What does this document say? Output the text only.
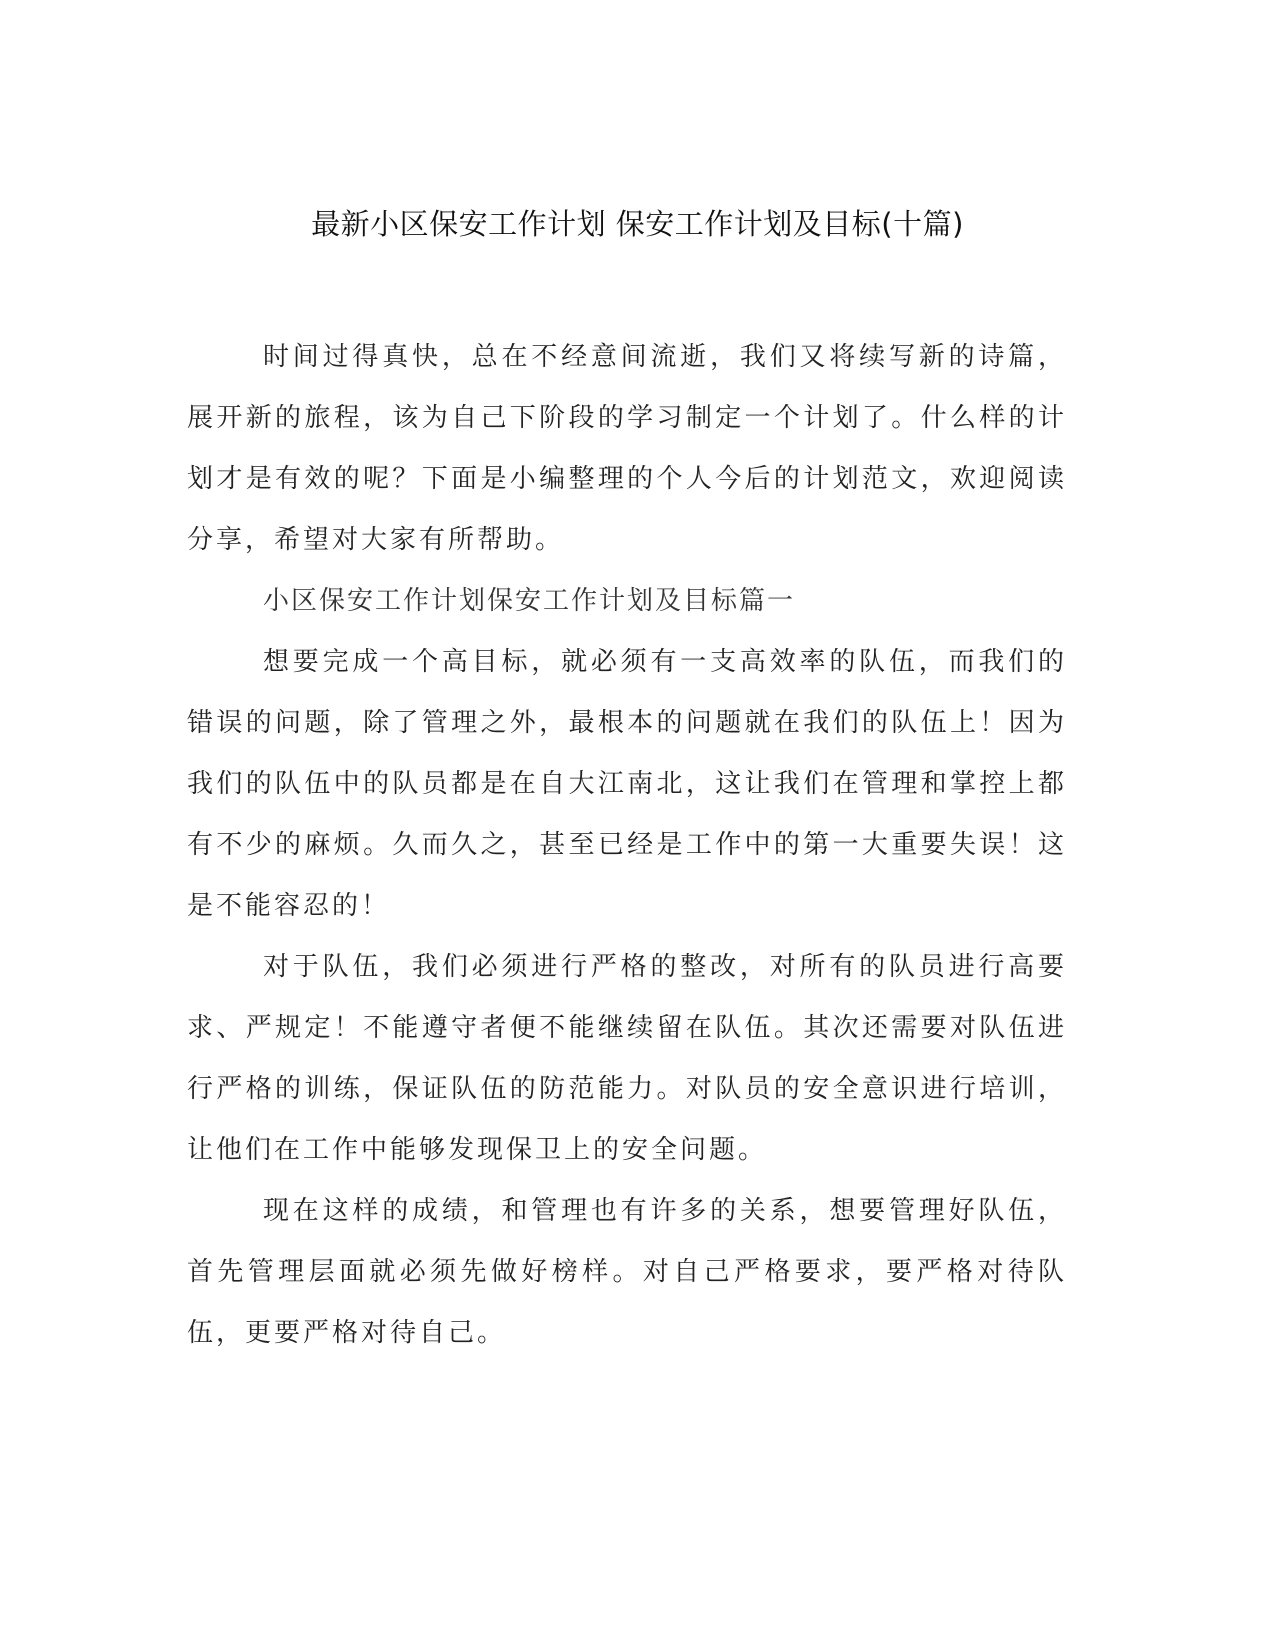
最新小区保安工作计划 保安工作计划及目标(十篇)

时间过得真快，总在不经意间流逝，我们又将续写新的诗篇，展开新的旅程，该为自己下阶段的学习制定一个计划了。什么样的计划才是有效的呢？下面是小编整理的个人今后的计划范文，欢迎阅读分享，希望对大家有所帮助。

小区保安工作计划保安工作计划及目标篇一

想要完成一个高目标，就必须有一支高效率的队伍，而我们的错误的问题，除了管理之外，最根本的问题就在我们的队伍上！因为我们的队伍中的队员都是在自大江南北，这让我们在管理和掌控上都有不少的麻烦。久而久之，甚至已经是工作中的第一大重要失误！这是不能容忍的！

对于队伍，我们必须进行严格的整改，对所有的队员进行高要求、严规定！不能遵守者便不能继续留在队伍。其次还需要对队伍进行严格的训练，保证队伍的防范能力。对队员的安全意识进行培训，让他们在工作中能够发现保卫上的安全问题。

现在这样的成绩，和管理也有许多的关系，想要管理好队伍，首先管理层面就必须先做好榜样。对自己严格要求，要严格对待队伍，更要严格对待自己。
